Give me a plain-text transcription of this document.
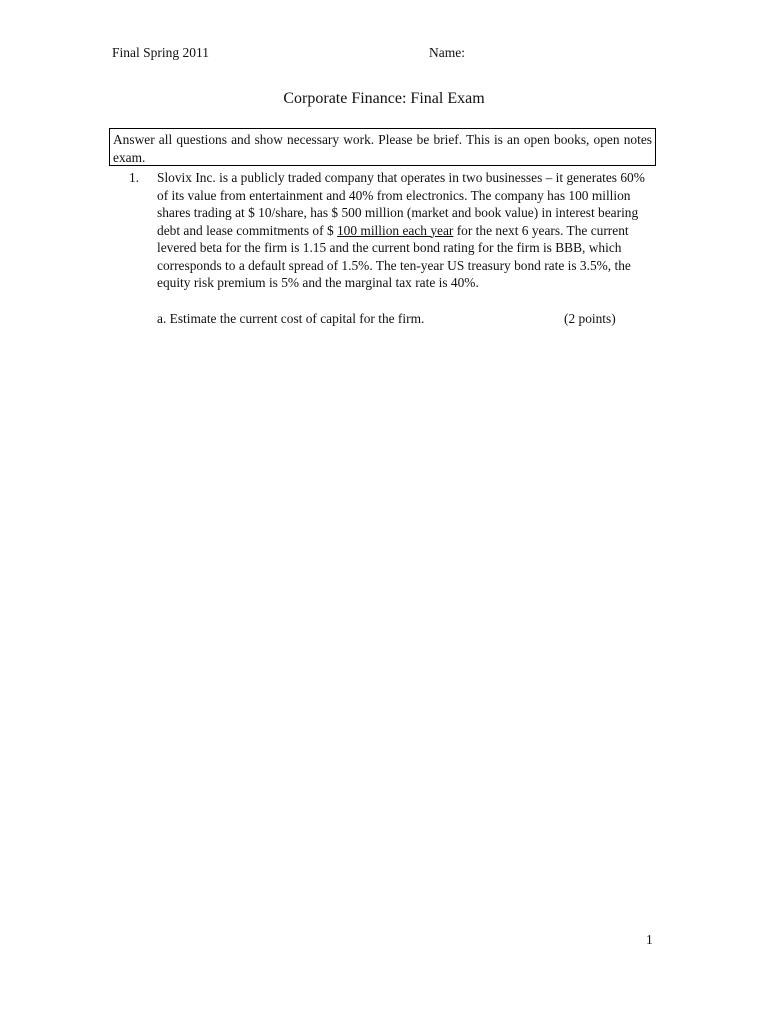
Final Spring 2011	Name:
Corporate Finance: Final Exam
Answer all questions and show necessary work. Please be brief. This is an open books, open notes exam.
1.	Slovix Inc. is a publicly traded company that operates in two businesses – it generates 60% of its value from entertainment and 40% from electronics. The company has 100 million shares trading at $ 10/share, has $ 500 million (market and book value) in interest bearing debt and lease commitments of $ 100 million each year for the next 6 years. The current levered beta for the firm is 1.15 and the current bond rating for the firm is BBB, which corresponds to a default spread of 1.5%. The ten-year US treasury bond rate is 3.5%, the equity risk premium is 5% and the marginal tax rate is 40%.
a. Estimate the current cost of capital for the firm.	(2 points)
1
